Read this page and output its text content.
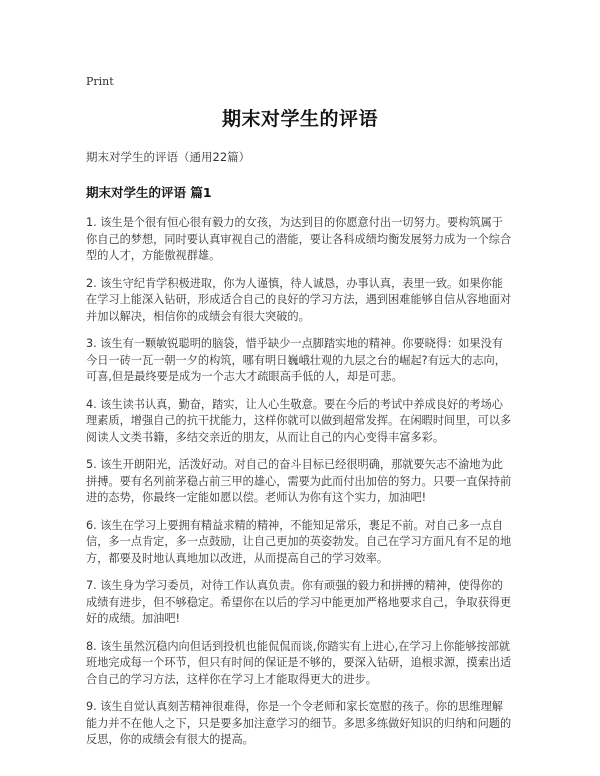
Print
期末对学生的评语

期末对学生的评语（通用22篇）

期末对学生的评语 篇1

1. 该生是个很有恒心很有毅力的女孩，为达到目的你愿意付出一切努力。要构筑属于你自己的梦想，同时要认真审视自己的潜能，要让各科成绩均衡发展努力成为一个综合型的人才，方能傲视群雄。

2. 该生守纪肯学积极进取，你为人谨慎，待人诚恳，办事认真，表里一致。如果你能在学习上能深入钻研，形成适合自己的良好的学习方法，遇到困难能够自信从容地面对并加以解决，相信你的成绩会有很大突破的。

3. 该生有一颗敏锐聪明的脑袋，惜乎缺少一点脚踏实地的精神。你要晓得：如果没有今日一砖一瓦一朝一夕的构筑，哪有明日巍峨壮观的九层之台的崛起?有远大的志向，可喜,但是最终要是成为一个志大才疏眼高手低的人，却是可悲。

4. 该生读书认真，勤奋，踏实，让人心生敬意。要在今后的考试中养成良好的考场心理素质，增强自己的抗干扰能力，这样你就可以做到超常发挥。在闲暇时间里，可以多阅读人文类书籍，多结交亲近的朋友，从而让自己的内心变得丰富多彩。

5. 该生开朗阳光，活泼好动。对自己的奋斗目标已经很明确，那就要矢志不渝地为此拼搏。要有名列前茅稳占前三甲的雄心，需要为此而付出加倍的努力。只要一直保持前进的态势，你最终一定能如愿以偿。老师认为你有这个实力，加油吧!

6. 该生在学习上要拥有精益求精的精神，不能知足常乐，裹足不前。对自己多一点自信，多一点肯定，多一点鼓励，让自己更加的英姿勃发。自己在学习方面凡有不足的地方，都要及时地认真地加以改进，从而提高自己的学习效率。

7. 该生身为学习委员，对待工作认真负责。你有顽强的毅力和拼搏的精神，使得你的成绩有进步，但不够稳定。希望你在以后的学习中能更加严格地要求自己，争取获得更好的成绩。加油吧!

8. 该生虽然沉稳内向但话到投机也能侃侃而谈,你踏实有上进心,在学习上你能够按部就班地完成每一个环节，但只有时间的保证是不够的，要深入钻研，追根求源，摸索出适合自己的学习方法，这样你在学习上才能取得更大的进步。

9. 该生自觉认真刻苦精神很难得，你是一个令老师和家长宽慰的孩子。你的思维理解能力并不在他人之下，只是要多加注意学习的细节。多思多练做好知识的归纳和问题的反思，你的成绩会有很大的提高。
